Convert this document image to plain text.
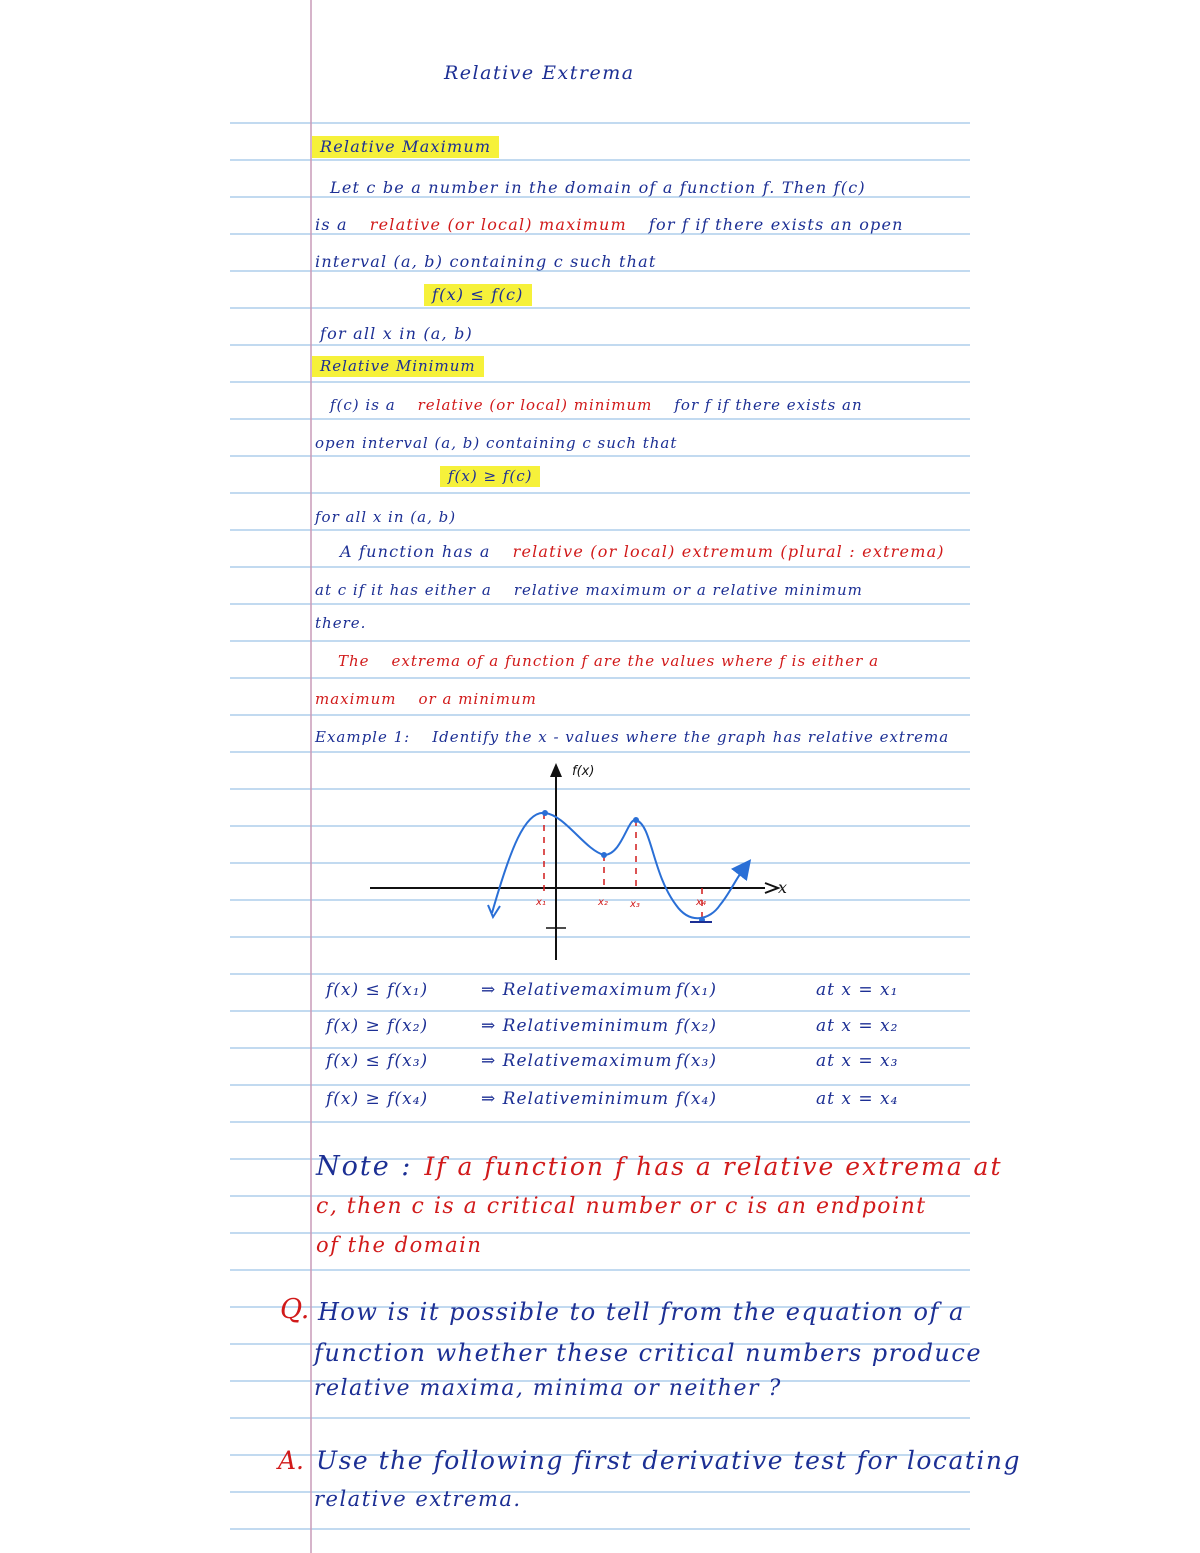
Relative Extrema
Relative Maximum
Let c be a number in the domain of a function f. Then f(c)
is a relative (or local) maximum for f if there exists an open
interval (a, b) containing c such that
f(x) ≤ f(c)
for all x in (a, b)
Relative Minimum
f(c) is a relative (or local) minimum for f if there exists an
open interval (a, b) containing c such that
f(x) ≥ f(c)
for all x in (a, b)
A function has a relative (or local) extremum (plural : extrema)
at c if it has either a relative maximum or a relative minimum
there.
The extrema of a function f are the values where f is either a
maximum or a minimum
Example 1: Identify the x - values where the graph has relative extrema
f(x)
x
x₁	x₂ x₃	x₄
f(x) ≤ f(x₁)	⇒ Relative maximum f(x₁)	at x = x₁
f(x) ≥ f(x₂)	⇒ Relative minimum f(x₂)	at x = x₂
f(x) ≤ f(x₃)	⇒ Relative maximum f(x₃)	at x = x₃
f(x) ≥ f(x₄)	⇒ Relative minimum f(x₄)	at x = x₄
Note : If a function f has a relative extrema at
c, then c is a critical number or c is an endpoint
of the domain
Q. How is it possible to tell from the equation of a
function whether these critical numbers produce
relative maxima, minima or neither ?
A. Use the following first derivative test for locating
relative extrema.
